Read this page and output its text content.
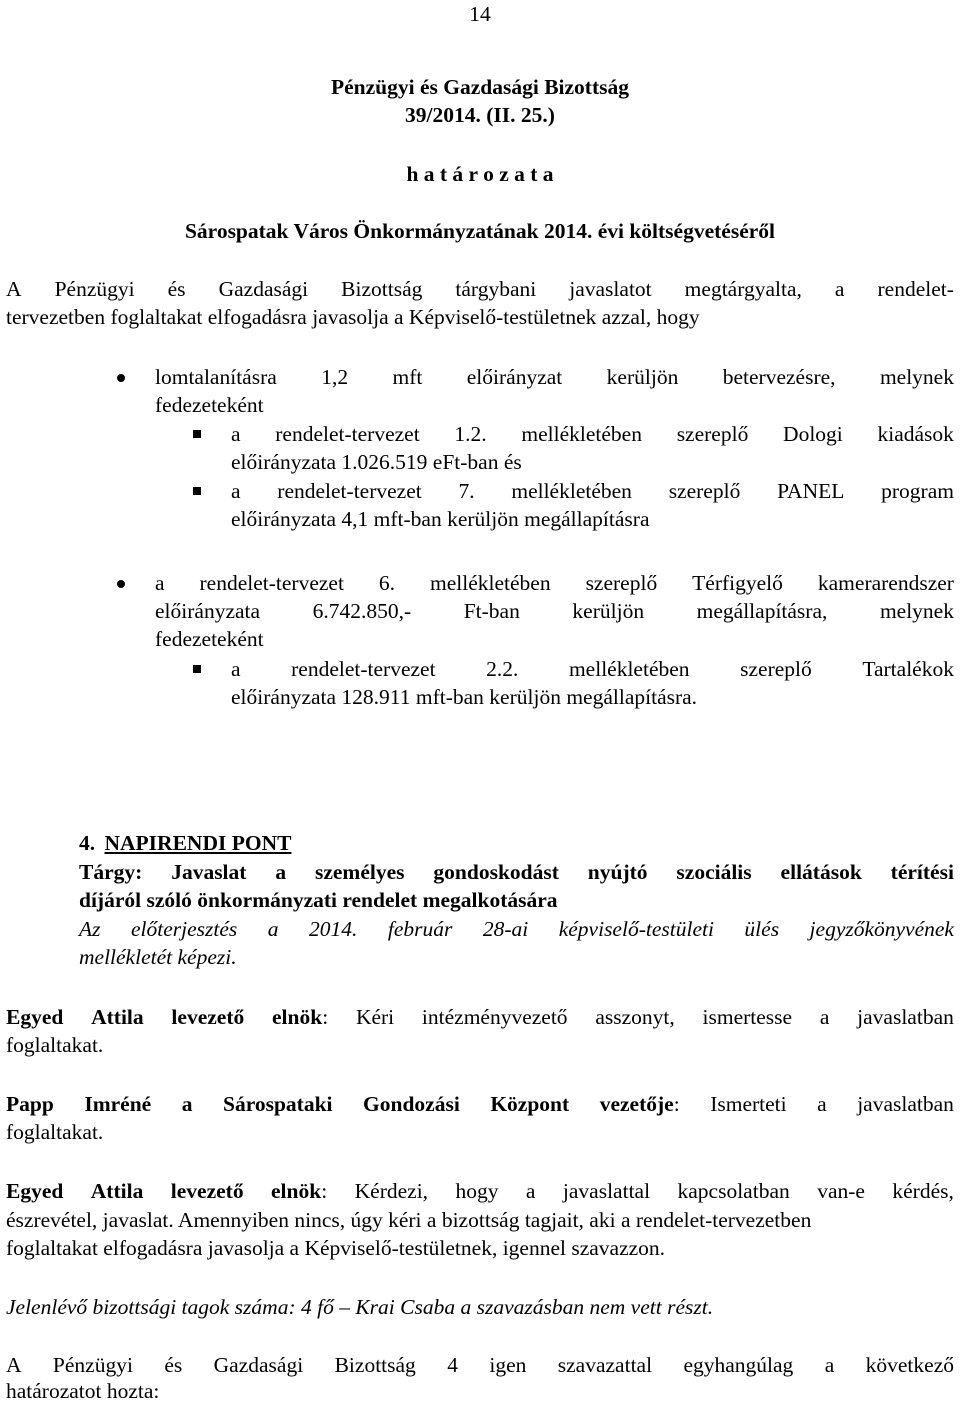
14
Pénzügyi és Gazdasági Bizottság
39/2014. (II. 25.)
h a t á r o z a t a
Sárospatak Város Önkormányzatának 2014. évi költségvetéséről
A Pénzügyi és Gazdasági Bizottság tárgybani javaslatot megtárgyalta, a rendelet-
tervezetben foglaltakat elfogadásra javasolja a Képviselő-testületnek azzal, hogy
lomtalanításra 1,2 mft előirányzat kerüljön betervezésre, melynek
fedezeteként
a rendelet-tervezet 1.2. mellékletében szereplő Dologi kiadások
előirányzata 1.026.519 eFt-ban és
a rendelet-tervezet 7. mellékletében szereplő PANEL program
előirányzata 4,1 mft-ban kerüljön megállapításra
a rendelet-tervezet 6. mellékletében szereplő Térfigyelő kamerarendszer
előirányzata 6.742.850,- Ft-ban kerüljön megállapításra, melynek
fedezeteként
a rendelet-tervezet 2.2. mellékletében szereplő Tartalékok
előirányzata 128.911 mft-ban kerüljön megállapításra.
4. NAPIRENDI PONT
Tárgy: Javaslat a személyes gondoskodást nyújtó szociális ellátások térítési
díjáról szóló önkormányzati rendelet megalkotására
Az előterjesztés a 2014. február 28-ai képviselő-testületi ülés jegyzőkönyvének
mellékletét képezi.
Egyed Attila levezető elnök: Kéri intézményvezető asszonyt, ismertesse a javaslatban
foglaltakat.
Papp Imréné a Sárospataki Gondozási Központ vezetője: Ismerteti a javaslatban
foglaltakat.
Egyed Attila levezető elnök: Kérdezi, hogy a javaslattal kapcsolatban van-e kérdés,
észrevétel, javaslat. Amennyiben nincs, úgy kéri a bizottság tagjait, aki a rendelet-tervezetben
foglaltakat elfogadásra javasolja a Képviselő-testületnek, igennel szavazzon.
Jelenlévő bizottsági tagok száma: 4 fő – Krai Csaba a szavazásban nem vett részt.
A Pénzügyi és Gazdasági Bizottság 4 igen szavazattal egyhangúlag a következő
határozatot hozta:
